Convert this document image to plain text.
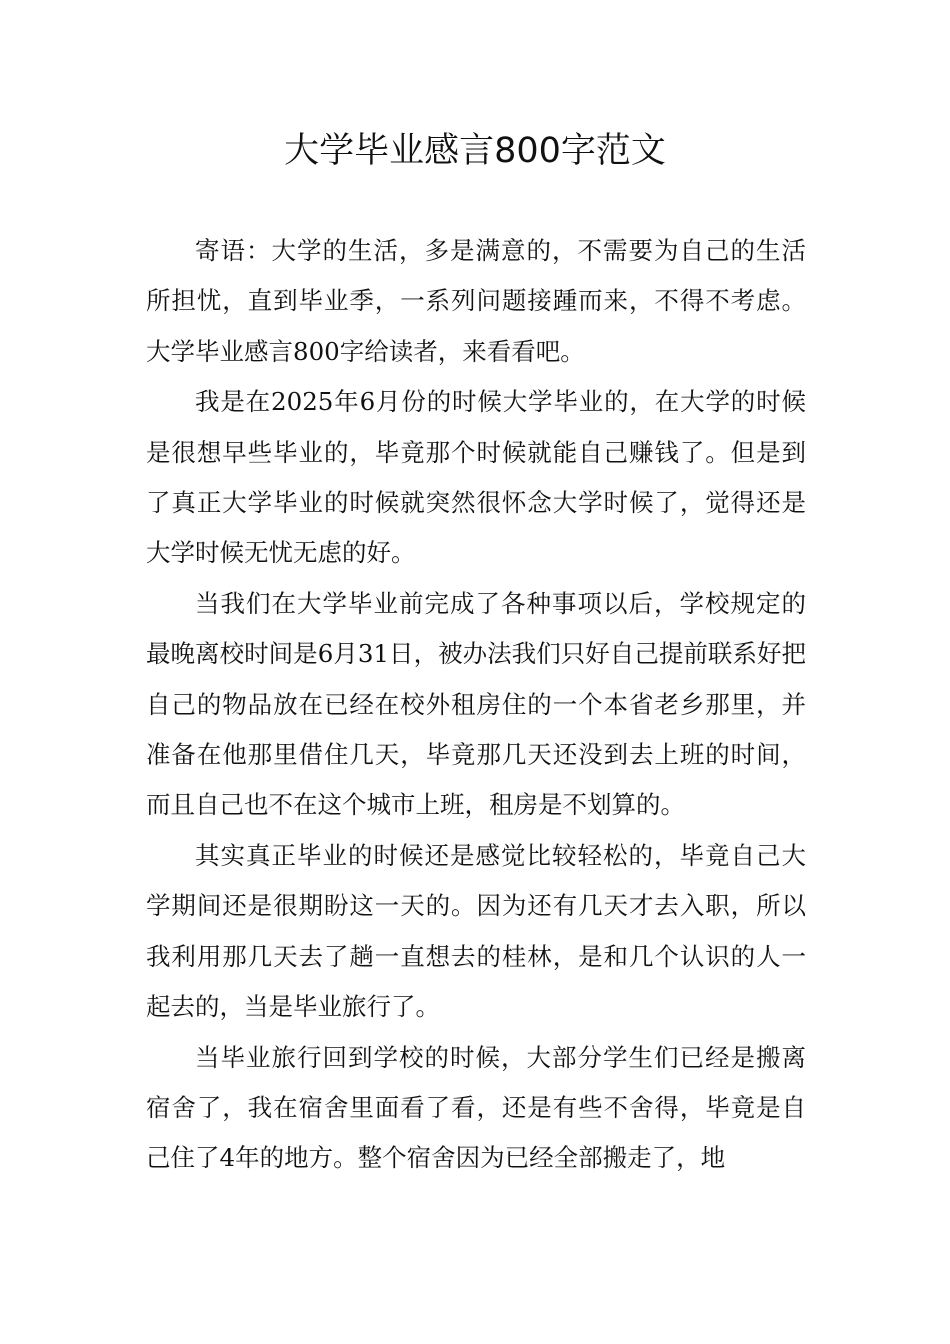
大学毕业感言800字范文

寄语：大学的生活，多是满意的，不需要为自己的生活所担忧，直到毕业季，一系列问题接踵而来，不得不考虑。大学毕业感言800字给读者，来看看吧。

我是在2025年6月份的时候大学毕业的，在大学的时候是很想早些毕业的，毕竟那个时候就能自己赚钱了。但是到了真正大学毕业的时候就突然很怀念大学时候了，觉得还是大学时候无忧无虑的好。

当我们在大学毕业前完成了各种事项以后，学校规定的最晚离校时间是6月31日，被办法我们只好自己提前联系好把自己的物品放在已经在校外租房住的一个本省老乡那里，并准备在他那里借住几天，毕竟那几天还没到去上班的时间，而且自己也不在这个城市上班，租房是不划算的。

其实真正毕业的时候还是感觉比较轻松的，毕竟自己大学期间还是很期盼这一天的。因为还有几天才去入职，所以我利用那几天去了趟一直想去的桂林，是和几个认识的人一起去的，当是毕业旅行了。

当毕业旅行回到学校的时候，大部分学生们已经是搬离宿舍了，我在宿舍里面看了看，还是有些不舍得，毕竟是自己住了4年的地方。整个宿舍因为已经全部搬走了，地
